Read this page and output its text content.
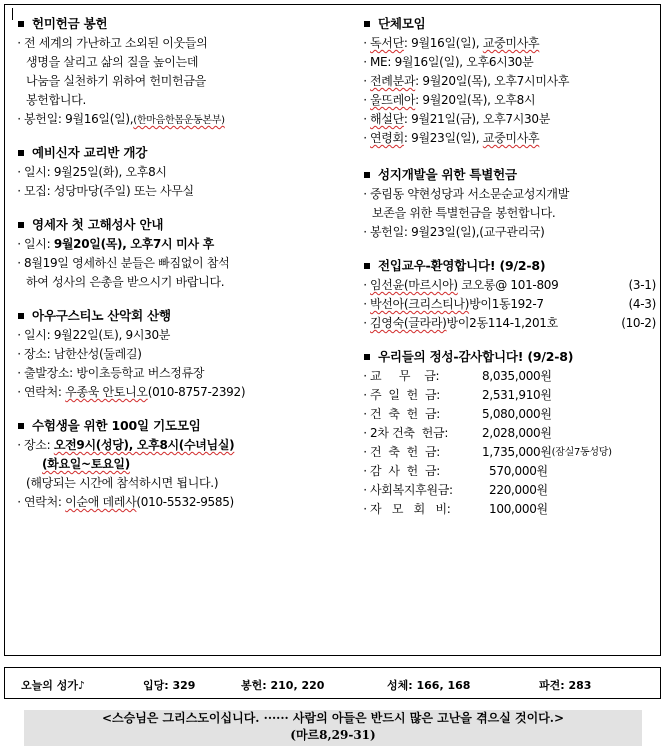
헌미헌금 봉헌
· 전 세계의 가난하고 소외된 이웃들의
생명을 살리고 삶의 질을 높이는데
나눔을 실천하기 위하여 헌미헌금을
봉헌합니다.
· 봉헌일: 9월16일(일),(한마음한몸운동본부)
예비신자 교리반 개강
· 일시: 9월25일(화), 오후8시
· 모집: 성당마당(주일) 또는 사무실
영세자 첫 고해성사 안내
· 일시: 9월20일(목), 오후7시 미사 후
· 8월19일 영세하신 분들은 빠짐없이 참석
하여 성사의 은총을 받으시기 바랍니다.
아우구스티노 산악회 산행
· 일시: 9월22일(토), 9시30분
· 장소: 남한산성(둘레길)
· 출발장소: 방이초등학교 버스정류장
· 연락처: 우종욱 안토니오(010-8757-2392)
수험생을 위한 100일 기도모임
· 장소: 오전9시(성당), 오후8시(수녀님실)
(화요일~토요일)
(해당되는 시간에 참석하시면 됩니다.)
· 연락처: 이순애 데레사(010-5532-9585)
단체모임
· 독서단: 9월16일(일), 교중미사후
· ME: 9월16일(일), 오후6시30분
· 전례분과: 9월20일(목), 오후7시미사후
· 울뜨레아: 9월20일(목), 오후8시
· 해설단: 9월21일(금), 오후7시30분
· 연령회: 9월23일(일), 교중미사후
성지개발을 위한 특별헌금
· 중림동 약현성당과 서소문순교성지개발
보존을 위한 특별헌금을 봉헌합니다.
· 봉헌일: 9월23일(일),(교구관리국)
전입교우-환영합니다! (9/2-8)
· 임선윤(마르시아) 코오롱@ 101-809	(3-1)
· 박선아(크리스티나)방이1동192-7	(4-3)
· 김영숙(글라라)방이2동114-1,201호	(10-2)
우리들의 정성-감사합니다! (9/2-8)
· 교     무    금:	8,035,000원
· 주  일  헌  금:	2,531,910원
· 건  축  헌  금:	5,080,000원
· 2차 건축  헌금:	2,028,000원
· 건  축  헌  금:	1,735,000원 (잠실7동성당)
· 감  사  헌  금:	570,000원
· 사회복지후원금:	220,000원
· 자   모   회   비:	100,000원
오늘의 성가♪	입당: 329	봉헌: 210, 220	성체: 166, 168	파견: 283
<스승님은 그리스도이십니다. ······ 사람의 아들은 반드시 많은 고난을 겪으실 것이다.>
(마르8,29-31)
